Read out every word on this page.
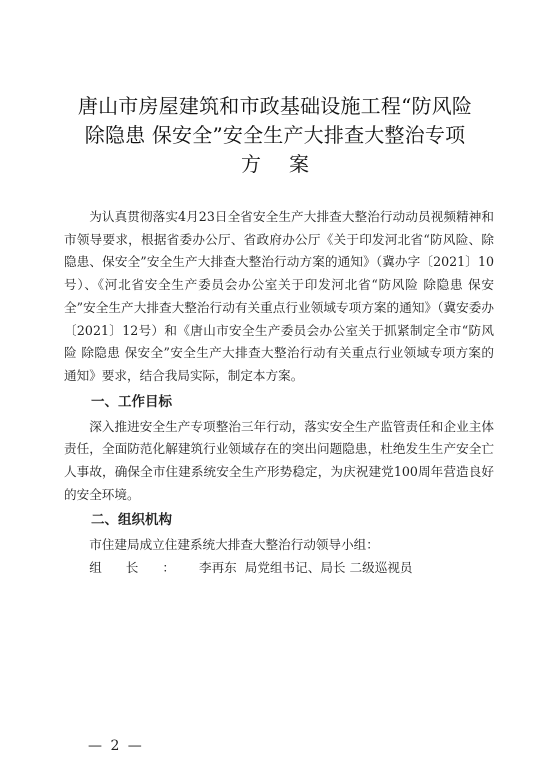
唐山市房屋建筑和市政基础设施工程“防风险
除隐患 保安全”安全生产大排查大整治专项
方案

为认真贯彻落实4月23日全省安全生产大排查大整治行动动员视频精神和市领导要求，根据省委办公厅、省政府办公厅《关于印发河北省“防风险、除隐患、保安全”安全生产大排查大整治行动方案的通知》（冀办字〔2021〕10号）、《河北省安全生产委员会办公室关于印发河北省“防风险 除隐患 保安全”安全生产大排查大整治行动有关重点行业领域专项方案的通知》（冀安委办〔2021〕12号）和《唐山市安全生产委员会办公室关于抓紧制定全市“防风险 除隐患 保安全”安全生产大排查大整治行动有关重点行业领域专项方案的通知》要求，结合我局实际，制定本方案。

一、工作目标

深入推进安全生产专项整治三年行动，落实安全生产监管责任和企业主体责任，全面防范化解建筑行业领域存在的突出问题隐患，杜绝发生生产安全亡人事故，确保全市住建系统安全生产形势稳定，为庆祝建党100周年营造良好的安全环境。

二、组织机构

市住建局成立住建系统大排查大整治行动领导小组：

组长：李再东 局党组书记、局长 二级巡视员

— 2 —
